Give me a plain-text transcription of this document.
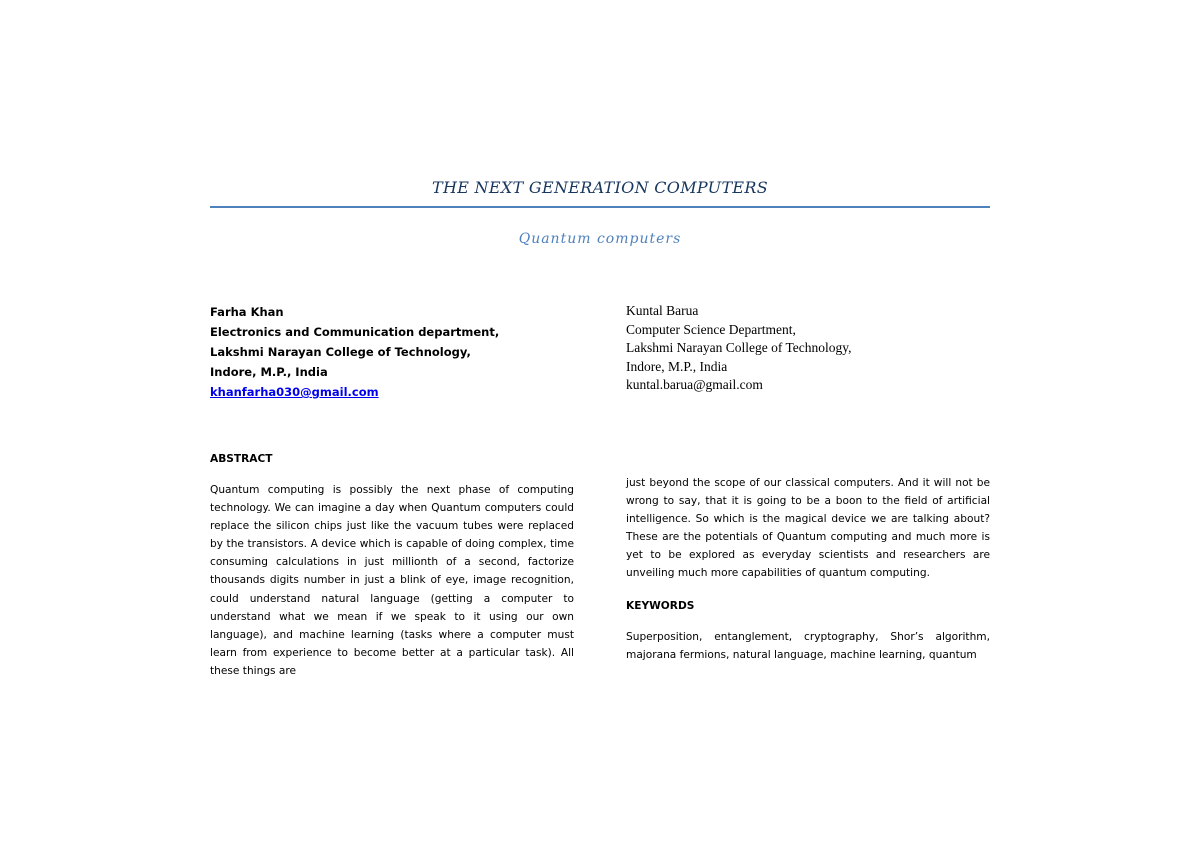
THE NEXT GENERATION COMPUTERS
Quantum computers
Farha Khan
Electronics and Communication department,
Lakshmi Narayan College of Technology,
Indore, M.P., India
khanfarha030@gmail.com
Kuntal Barua
Computer Science Department,
Lakshmi Narayan College of Technology,
Indore, M.P., India
kuntal.barua@gmail.com

ABSTRACT

Quantum computing is possibly the next phase of computing technology. We can imagine a day when Quantum computers could replace the silicon chips just like the vacuum tubes were replaced by the transistors. A device which is capable of doing complex, time consuming calculations in just millionth of a second, factorize thousands digits number in just a blink of eye, image recognition, could understand natural language (getting a computer to understand what we mean if we speak to it using our own language), and machine learning (tasks where a computer must learn from experience to become better at a particular task). All these things are

just beyond the scope of our classical computers. And it will not be wrong to say, that it is going to be a boon to the field of artificial intelligence. So which is the magical device we are talking about? These are the potentials of Quantum computing and much more is yet to be explored as everyday scientists and researchers are unveiling much more capabilities of quantum computing.

KEYWORDS

Superposition, entanglement, cryptography, Shor’s algorithm, majorana fermions, natural language, machine learning, quantum
